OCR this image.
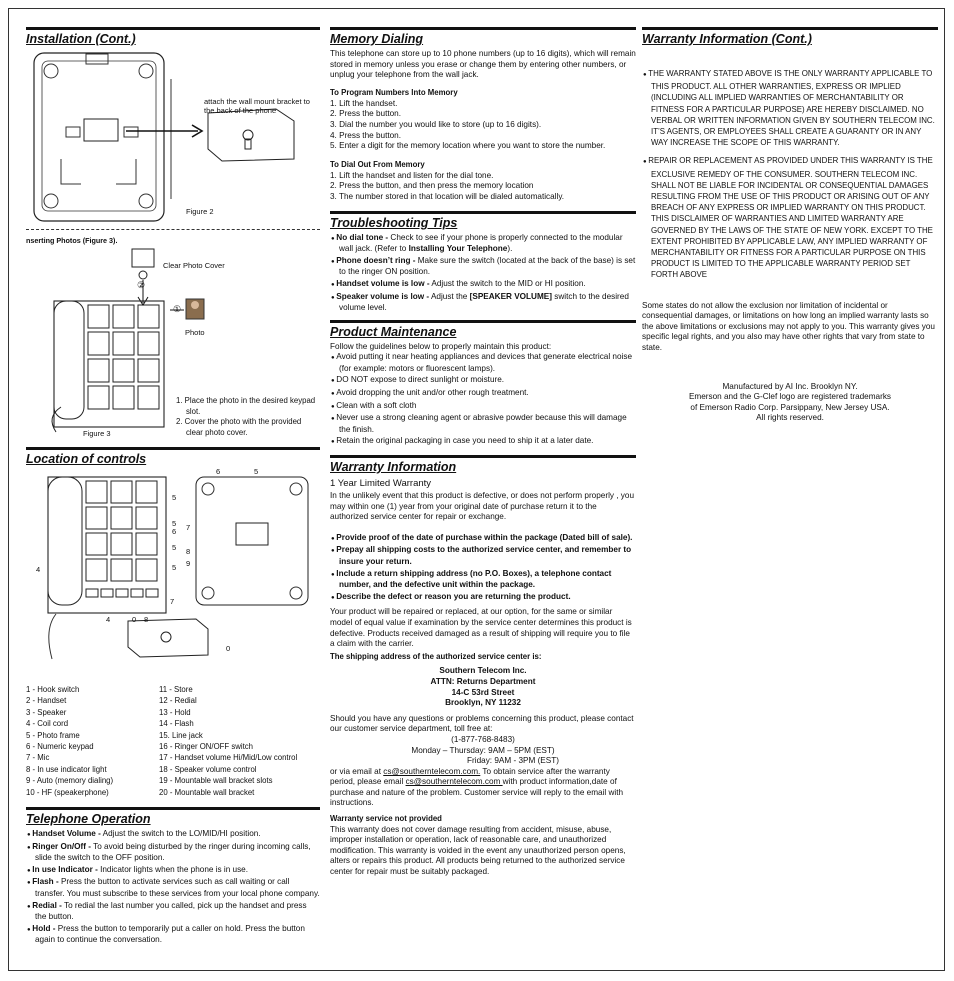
Installation (Cont.)
attach the wall mount bracket to the back of the phone
Figure 2
nserting Photos (Figure 3).
Clear Photo Cover
②
①
Photo
1. Place the photo in the desired keypad slot.
2. Cover the photo with the provided clear photo cover.
Figure 3
Location of controls
6	5
5
5
6
5
5
7
8
9
4
7
4	0 8
0
1 - Hook switch
2 - Handset
3 - Speaker
4 - Coil cord
5 - Photo frame
6 - Numeric keypad
7 - Mic
8 - In use indicator light
9 - Auto (memory dialing)
10 - HF (speakerphone)
11 - Store
12 - Redial
13 - Hold
14 - Flash
15. Line jack
16 - Ringer ON/OFF switch
17 - Handset volume Hi/Mid/Low control
18 - Speaker volume control
19 - Mountable wall bracket slots
20 - Mountable wall bracket
Telephone Operation
● Handset Volume - Adjust the switch to the LO/MID/HI position.
● Ringer On/Off - To avoid being disturbed by the ringer during incoming calls, slide the switch to the OFF position.
● In use Indicator - Indicator lights when the phone is in use.
● Flash - Press the button to activate services such as call waiting or call transfer. You must subscribe to these services from your local phone company.
● Redial - To redial the last number you called, pick up the handset and press the button.
● Hold - Press the button to temporarily put a caller on hold. Press the button again to continue the conversation.
Memory Dialing

This telephone can store up to 10 phone numbers (up to 16 digits), which will remain stored in memory unless you erase or change them by entering other numbers, or unplug your telephone from the wall jack.

To Program Numbers Into Memory
1. Lift the handset.
2. Press the button.
3. Dial the number you would like to store (up to 16 digits).
4. Press the button.
5. Enter a digit for the memory location where you want to store the number.
To Dial Out From Memory
1. Lift the handset and listen for the dial tone.
2. Press the button, and then press the memory location
3. The number stored in that location will be dialed automatically.
Troubleshooting Tips
● No dial tone - Check to see if your phone is properly connected to the modular wall jack. (Refer to Installing Your Telephone).
● Phone doesn’t ring - Make sure the switch (located at the back of the base) is set to the ringer ON position.
● Handset volume is low - Adjust the switch to the MID or HI position.
● Speaker volume is low - Adjust the [SPEAKER VOLUME] switch to the desired volume level.
Product Maintenance

Follow the guidelines below to properly maintain this product:

● Avoid putting it near heating appliances and devices that generate electrical noise (for example: motors or fluorescent lamps).
● DO NOT expose to direct sunlight or moisture.
● Avoid dropping the unit and/or other rough treatment.
● Clean with a soft cloth
● Never use a strong cleaning agent or abrasive powder because this will damage the finish.
● Retain the original packaging in case you need to ship it at a later date.
Warranty Information
1 Year Limited Warranty

In the unlikely event that this product is defective, or does not perform properly , you may within one (1) year from your original date of purchase return it to the authorized service center for repair or exchange.

● Provide proof of the date of purchase within the package (Dated bill of sale).
● Prepay all shipping costs to the authorized service center, and remember to insure your return.
● Include a return shipping address (no P.O. Boxes), a telephone contact number, and the defective unit within the package.
● Describe the defect or reason you are returning the product.

Your product will be repaired or replaced, at our option, for the same or similar model of equal value if examination by the service center determines this product is defective. Products received damaged as a result of shipping will require you to file a claim with the carrier.

The shipping address of the authorized service center is:

Southern Telecom Inc.
ATTN: Returns Department
14-C 53rd Street
Brooklyn, NY 11232

Should you have any questions or problems concerning this product, please contact our customer service department, toll free at:

(1-877-768-8483)

Monday – Thursday: 9AM – 5PM (EST)

Friday: 9AM - 3PM (EST)

or via email at cs@southerntelecom.com. To obtain service after the warranty period, please email cs@southerntelecom.com with product information,date of purchase and nature of the problem. Customer service will reply to the email with instructions.

Warranty service not provided

This warranty does not cover damage resulting from accident, misuse, abuse, improper installation or operation, lack of reasonable care, and unauthorized modification. This warranty is voided in the event any unauthorized person opens, alters or repairs this product. All products being returned to the authorized service center for repair must be suitably packaged.

Warranty Information (Cont.)
● THE WARRANTY STATED ABOVE IS THE ONLY WARRANTY APPLICABLE TO THIS PRODUCT. ALL OTHER WARRANTIES, EXPRESS OR IMPLIED (INCLUDING ALL IMPLIED WARRANTIES OF MERCHANTABILITY OR FITNESS FOR A PARTICULAR PURPOSE) ARE HEREBY DISCLAIMED. NO VERBAL OR WRITTEN INFORMATION GIVEN BY SOUTHERN TELECOM INC. IT’S AGENTS, OR EMPLOYEES SHALL CREATE A GUARANTY OR IN ANY WAY INCREASE THE SCOPE OF THIS WARRANTY.
● REPAIR OR REPLACEMENT AS PROVIDED UNDER THIS WARRANTY IS THE EXCLUSIVE REMEDY OF THE CONSUMER. SOUTHERN TELECOM INC. SHALL NOT BE LIABLE FOR INCIDENTAL OR CONSEQUENTIAL DAMAGES RESULTING FROM THE USE OF THIS PRODUCT OR ARISING OUT OF ANY BREACH OF ANY EXPRESS OR IMPLIED WARRANTY ON THIS PRODUCT. THIS DISCLAIMER OF WARRANTIES AND LIMITED WARRANTY ARE GOVERNED BY THE LAWS OF THE STATE OF NEW YORK. EXCEPT TO THE EXTENT PROHIBITED BY APPLICABLE LAW, ANY IMPLIED WARRANTY OF MERCHANTABILITY OR FITNESS FOR A PARTICULAR PURPOSE ON THIS PRODUCT IS LIMITED TO THE APPLICABLE WARRANTY PERIOD SET FORTH ABOVE

Some states do not allow the exclusion nor limitation of incidental or consequential damages, or limitations on how long an implied warranty lasts so the above limitations or exclusions may not apply to you. This warranty gives you specific legal rights, and you also may have other rights that vary from state to state.

Manufactured by AI Inc. Brooklyn NY.
Emerson and the G-Clef logo are registered trademarks
of Emerson Radio Corp. Parsippany, New Jersey USA.
All rights reserved.
